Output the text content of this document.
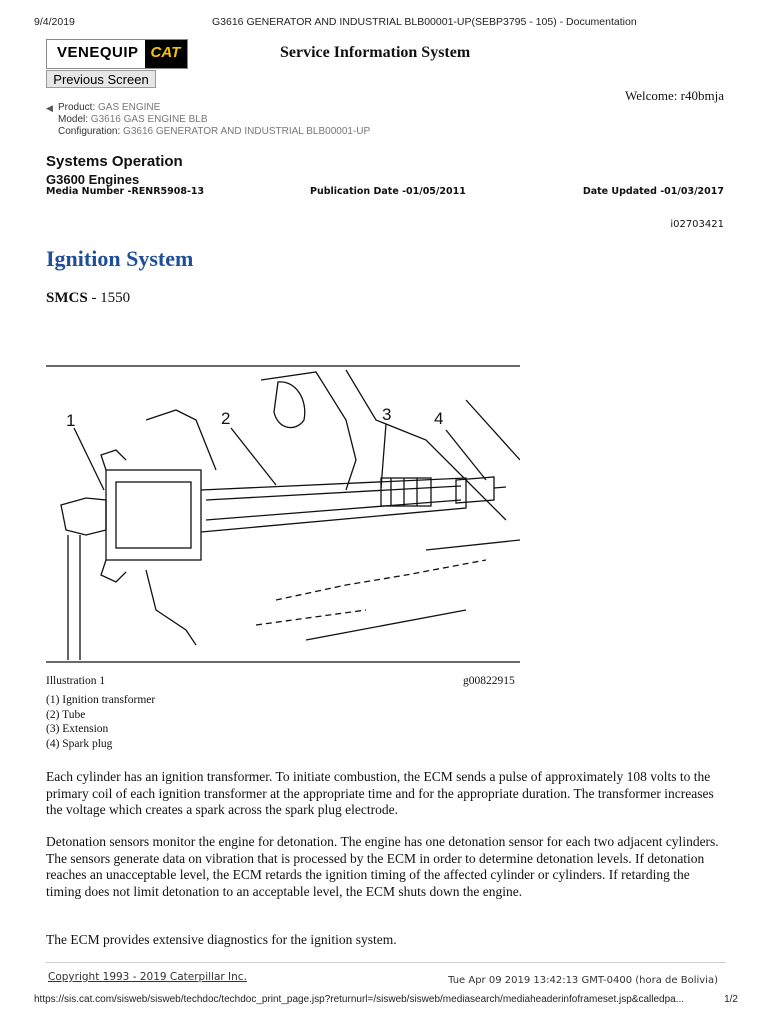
9/4/2019	G3616 GENERATOR AND INDUSTRIAL BLB00001-UP(SEBP3795 - 105) - Documentation
VENEQUIP CAT	Service Information System
Previous Screen
Welcome: r40bmja
◀ Product: GAS ENGINE
Model: G3616 GAS ENGINE BLB
Configuration: G3616 GENERATOR AND INDUSTRIAL BLB00001-UP
Systems Operation
G3600 Engines
Media Number -RENR5908-13	Publication Date -01/05/2011	Date Updated -01/03/2017
i02703421
Ignition System
SMCS - 1550
1	2	3	4
Illustration 1	g00822915
(1) Ignition transformer
(2) Tube
(3) Extension
(4) Spark plug

Each cylinder has an ignition transformer. To initiate combustion, the ECM sends a pulse of approximately 108 volts to the primary coil of each ignition transformer at the appropriate time and for the appropriate duration. The transformer increases the voltage which creates a spark across the spark plug electrode.

Detonation sensors monitor the engine for detonation. The engine has one detonation sensor for each two adjacent cylinders. The sensors generate data on vibration that is processed by the ECM in order to determine detonation levels. If detonation reaches an unacceptable level, the ECM retards the ignition timing of the affected cylinder or cylinders. If retarding the timing does not limit detonation to an acceptable level, the ECM shuts down the engine.

The ECM provides extensive diagnostics for the ignition system.

Copyright 1993 - 2019 Caterpillar Inc.	Tue Apr 09 2019 13:42:13 GMT-0400 (hora de Bolivia)
https://sis.cat.com/sisweb/sisweb/techdoc/techdoc_print_page.jsp?returnurl=/sisweb/sisweb/mediasearch/mediaheaderinfoframeset.jsp&calledpa...	1/2
